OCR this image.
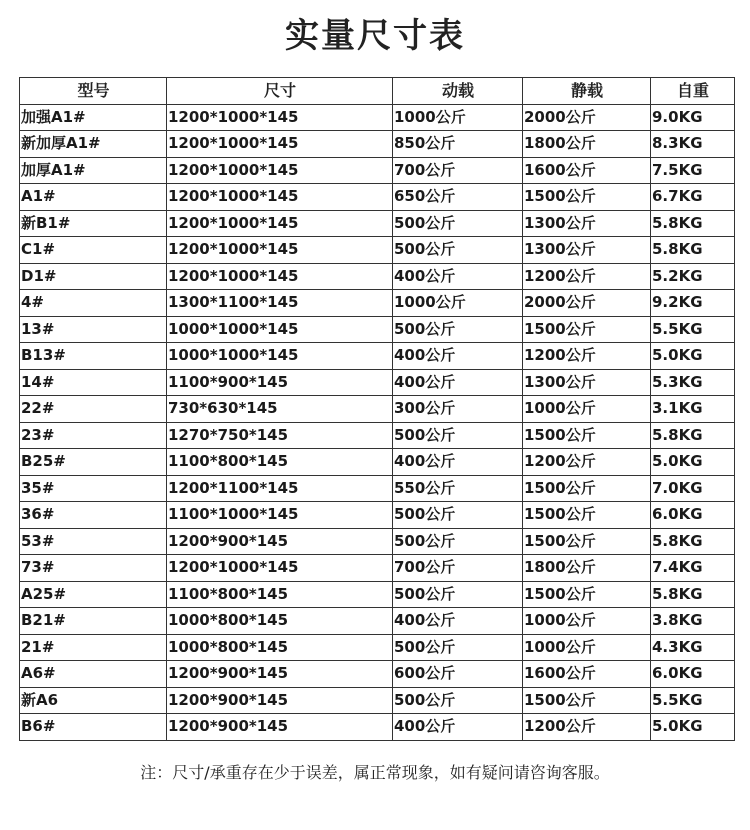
实量尺寸表
型号	尺寸	动载	静载	自重
加强A1#	1200*1000*145	1000公斤	2000公斤	9.0KG
新加厚A1#	1200*1000*145	850公斤	1800公斤	8.3KG
加厚A1#	1200*1000*145	700公斤	1600公斤	7.5KG
A1#	1200*1000*145	650公斤	1500公斤	6.7KG
新B1#	1200*1000*145	500公斤	1300公斤	5.8KG
C1#	1200*1000*145	500公斤	1300公斤	5.8KG
D1#	1200*1000*145	400公斤	1200公斤	5.2KG
4#	1300*1100*145	1000公斤	2000公斤	9.2KG
13#	1000*1000*145	500公斤	1500公斤	5.5KG
B13#	1000*1000*145	400公斤	1200公斤	5.0KG
14#	1100*900*145	400公斤	1300公斤	5.3KG
22#	730*630*145	300公斤	1000公斤	3.1KG
23#	1270*750*145	500公斤	1500公斤	5.8KG
B25#	1100*800*145	400公斤	1200公斤	5.0KG
35#	1200*1100*145	550公斤	1500公斤	7.0KG
36#	1100*1000*145	500公斤	1500公斤	6.0KG
53#	1200*900*145	500公斤	1500公斤	5.8KG
73#	1200*1000*145	700公斤	1800公斤	7.4KG
A25#	1100*800*145	500公斤	1500公斤	5.8KG
B21#	1000*800*145	400公斤	1000公斤	3.8KG
21#	1000*800*145	500公斤	1000公斤	4.3KG
A6#	1200*900*145	600公斤	1600公斤	6.0KG
新A6	1200*900*145	500公斤	1500公斤	5.5KG
B6#	1200*900*145	400公斤	1200公斤	5.0KG
注：尺寸/承重存在少于误差，属正常现象，如有疑问请咨询客服。
